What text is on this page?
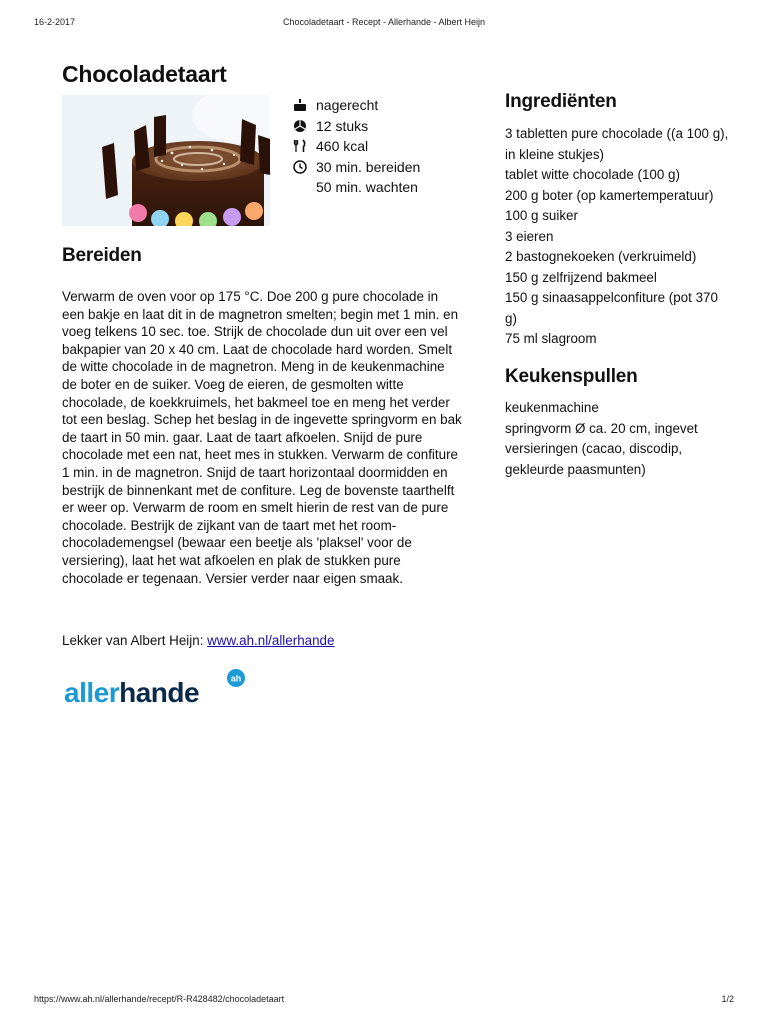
16-2-2017	Chocoladetaart - Recept - Allerhande - Albert Heijn
Chocoladetaart
nagerecht
12 stuks
460 kcal
30 min. bereiden
50 min. wachten
Bereiden

Verwarm de oven voor op 175 °C. Doe 200 g pure chocolade in een bakje en laat dit in de magnetron smelten; begin met 1 min. en voeg telkens 10 sec. toe. Strijk de chocolade dun uit over een vel bakpapier van 20 x 40 cm. Laat de chocolade hard worden. Smelt de witte chocolade in de magnetron. Meng in de keukenmachine de boter en de suiker. Voeg de eieren, de gesmolten witte chocolade, de koekkruimels, het bakmeel toe en meng het verder tot een beslag. Schep het beslag in de ingevette springvorm en bak de taart in 50 min. gaar. Laat de taart afkoelen. Snijd de pure chocolade met een nat, heet mes in stukken. Verwarm de confiture 1 min. in de magnetron. Snijd de taart horizontaal doormidden en bestrijk de binnenkant met de confiture. Leg de bovenste taarthelft er weer op. Verwarm de room en smelt hierin de rest van de pure chocolade. Bestrijk de zijkant van de taart met het room-chocolademengsel (bewaar een beetje als 'plaksel' voor de versiering), laat het wat afkoelen en plak de stukken pure chocolade er tegenaan. Versier verder naar eigen smaak.

Lekker van Albert Heijn: www.ah.nl/allerhande

allerhande	ah
Ingrediënten
3 tabletten pure chocolade ((a 100 g), in kleine stukjes)
tablet witte chocolade (100 g)
200 g boter (op kamertemperatuur)
100 g suiker
3 eieren
2 bastognekoeken (verkruimeld)
150 g zelfrijzend bakmeel
150 g sinaasappelconfiture (pot 370 g)
75 ml slagroom
Keukenspullen
keukenmachine
springvorm Ø ca. 20 cm, ingevet
versieringen (cacao, discodip, gekleurde paasmunten)
https://www.ah.nl/allerhande/recept/R-R428482/chocoladetaart	1/2
